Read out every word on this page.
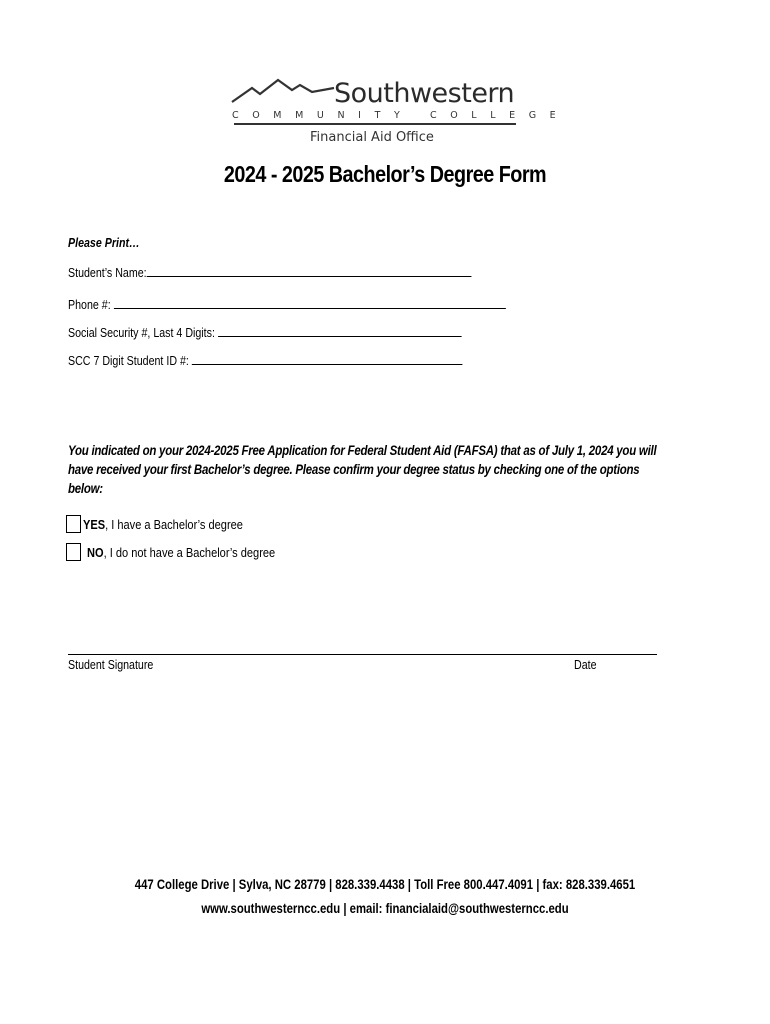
Southwestern
COMMUNITY COLLEGE
Financial Aid Office
2024 - 2025 Bachelor’s Degree Form
Please Print…
Student’s Name:
Phone #:
Social Security #, Last 4 Digits:
SCC 7 Digit Student ID #:
You indicated on your 2024-2025 Free Application for Federal Student Aid (FAFSA) that as of July 1, 2024 you will have received your first Bachelor’s degree. Please confirm your degree status by checking one of the options below:
YES, I have a Bachelor’s degree
NO, I do not have a Bachelor’s degree
Student Signature	Date
447 College Drive | Sylva, NC 28779 | 828.339.4438 | Toll Free 800.447.4091 | fax: 828.339.4651
www.southwesterncc.edu | email: financialaid@southwesterncc.edu
